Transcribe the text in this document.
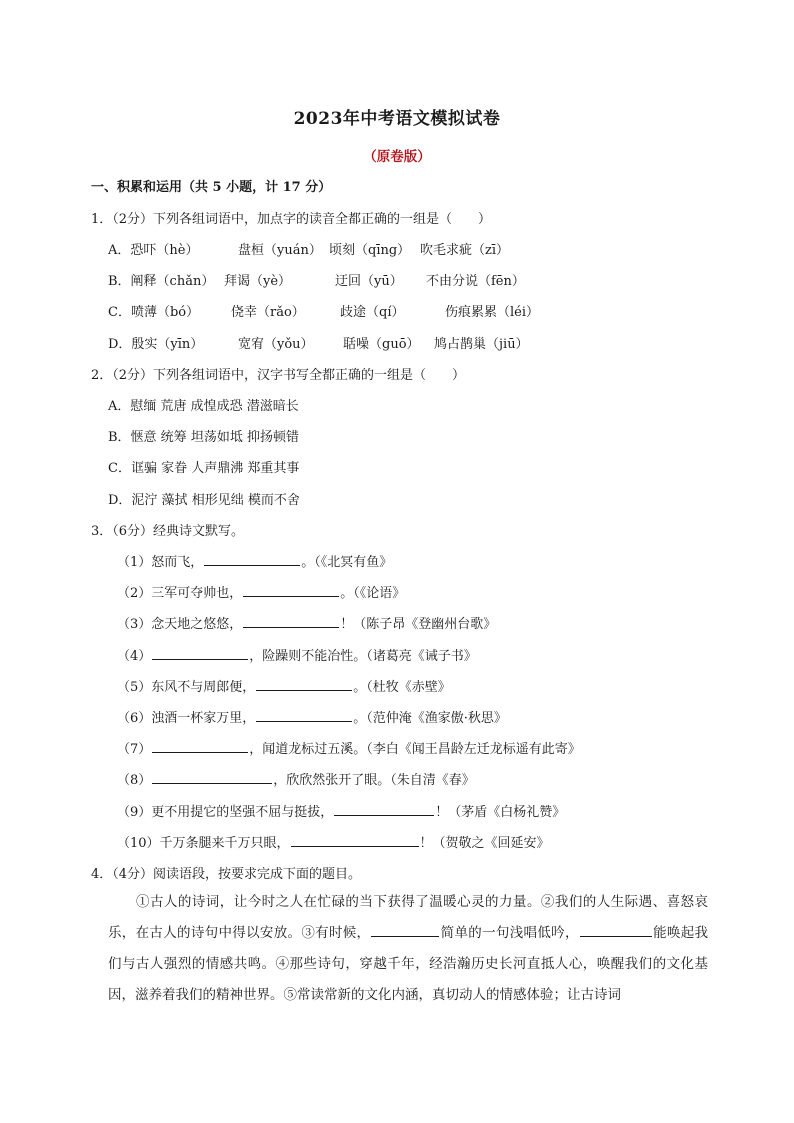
2023年中考语文模拟试卷
（原卷版）
一、积累和运用（共 5 小题，计 17 分）
1．（2分）下列各组词语中，加点字的读音全都正确的一组是（　　）
A．恐吓（hè）	盘桓（yuán） 顷刻（qīng） 吹毛求疵（zī）
B．阐释（chǎn） 拜谒（yè）	迂回（yū） 不由分说（fēn）
C．喷薄（bó） 侥幸（rǎo）	歧途（qí）	伤痕累累（léi）
D．殷实（yīn）	宽宥（yǒu） 聒噪（guō） 鸠占鹊巢（jiū）
2．（2分）下列各组词语中，汉字书写全都正确的一组是（　　）
A．慰缅 荒唐 成惶成恐 潜滋暗长
B．惬意 统筹 坦荡如坻 抑扬顿错
C．诓骗 家眷 人声鼎沸 郑重其事
D．泥泞 藻拭 相形见绌 模而不舍
3．（6分）经典诗文默写。
（1）怒而飞，	。（《北冥有鱼》
（2）三军可夺帅也，	。（《论语》
（3）念天地之悠悠，	！（陈子昂《登幽州台歌》
（4）	，险躁则不能冶性。（诸葛亮《诫子书》
（5）东风不与周郎便，	。（杜牧《赤壁》
（6）浊酒一杯家万里，	。（范仲淹《渔家傲·秋思》
（7）	，闻道龙标过五溪。（李白《闻王昌龄左迁龙标遥有此寄》
（8）	，欣欣然张开了眼。（朱自清《春》
（9）更不用提它的坚强不屈与挺拔，	！（茅盾《白杨礼赞》
（10）千万条腿来千万只眼，	！（贺敬之《回延安》
4．（4分）阅读语段，按要求完成下面的题目。
①古人的诗词，让今时之人在忙碌的当下获得了温暖心灵的力量。②我们的人生际遇、喜怒哀乐，在古人的诗句中得以安放。③有时候，	简单的一句浅唱低吟，	能唤起我们与古人强烈的情感共鸣。④那些诗句，穿越千年，经浩瀚历史长河直抵人心，唤醒我们的文化基因，滋养着我们的精神世界。⑤常读常新的文化内涵，真切动人的情感体验；让古诗词
